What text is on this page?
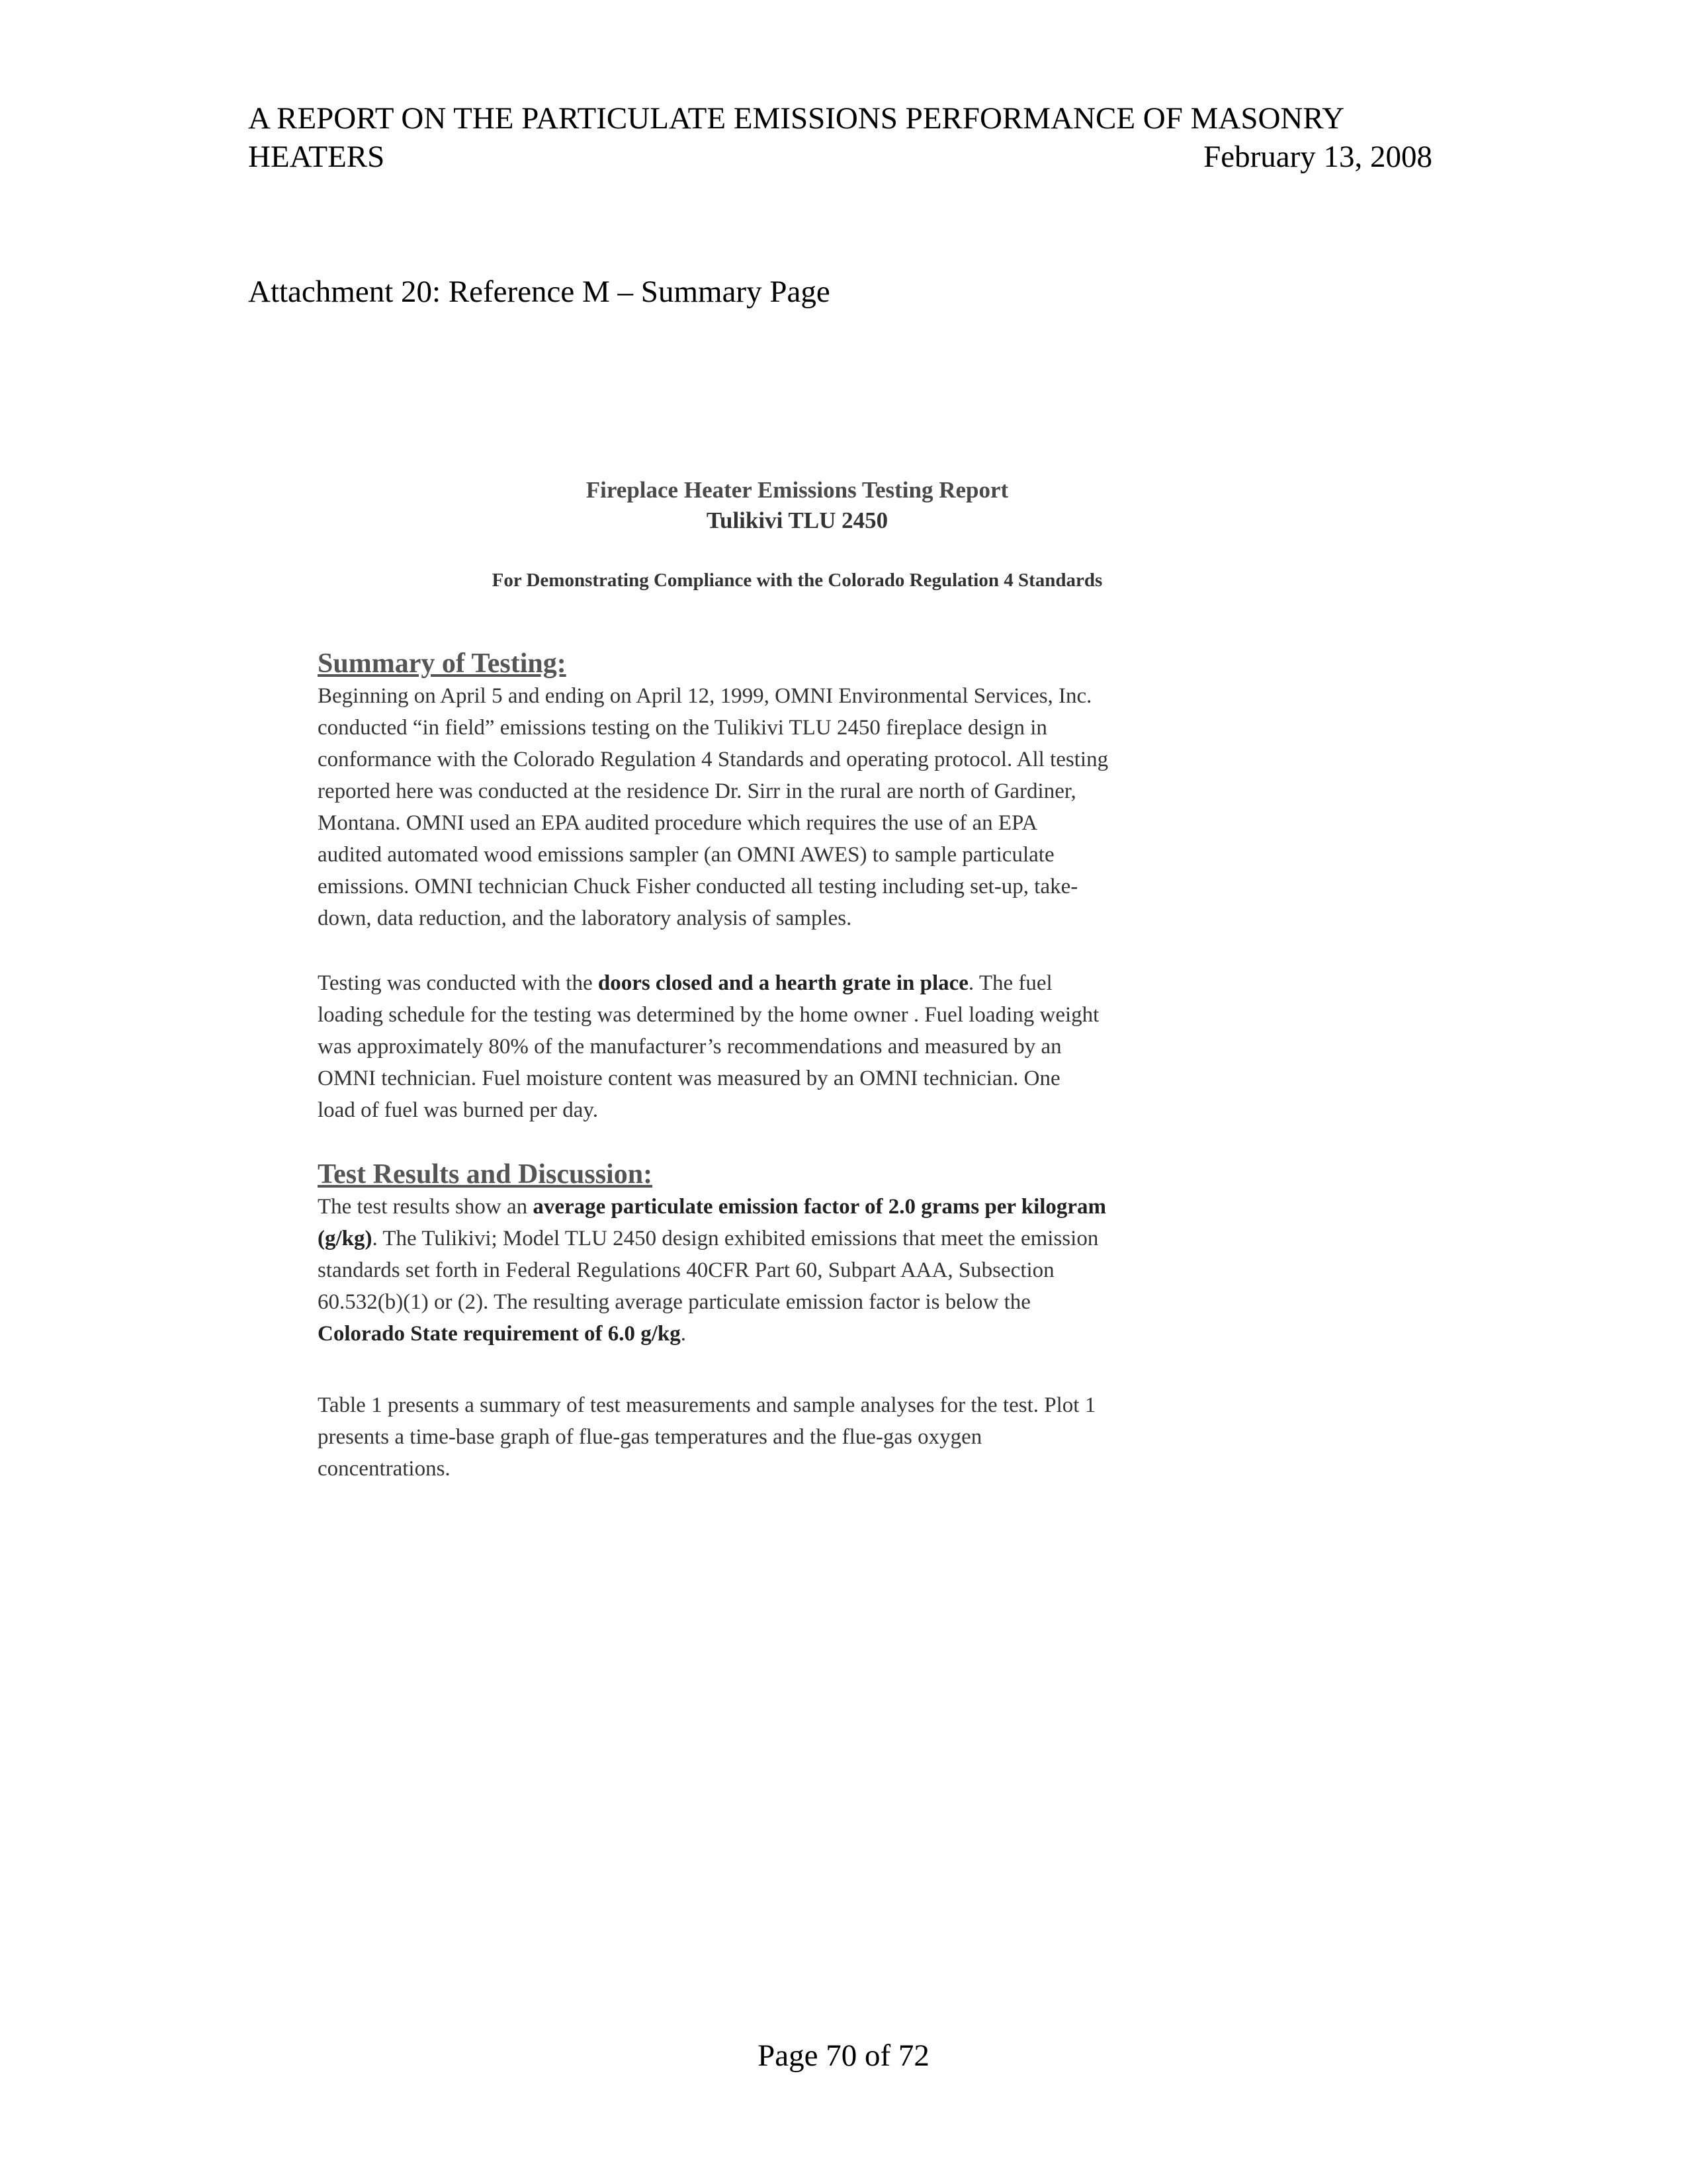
A REPORT ON THE PARTICULATE EMISSIONS PERFORMANCE OF MASONRY
HEATERS	February 13, 2008
Attachment 20: Reference M – Summary Page
Fireplace Heater Emissions Testing Report
Tulikivi TLU 2450
For Demonstrating Compliance with the Colorado Regulation 4 Standards
Summary of Testing:

Beginning on April 5 and ending on April 12, 1999, OMNI Environmental Services, Inc.
conducted “in field” emissions testing on the Tulikivi TLU 2450 fireplace design in
conformance with the Colorado Regulation 4 Standards and operating protocol. All testing
reported here was conducted at the residence Dr. Sirr in the rural are north of Gardiner,
Montana. OMNI used an EPA audited procedure which requires the use of an EPA
audited automated wood emissions sampler (an OMNI AWES) to sample particulate
emissions. OMNI technician Chuck Fisher conducted all testing including set-up, take-
down, data reduction, and the laboratory analysis of samples.

Testing was conducted with the doors closed and a hearth grate in place. The fuel
loading schedule for the testing was determined by the home owner . Fuel loading weight
was approximately 80% of the manufacturer’s recommendations and measured by an
OMNI technician. Fuel moisture content was measured by an OMNI technician. One
load of fuel was burned per day.

Test Results and Discussion:

The test results show an average particulate emission factor of 2.0 grams per kilogram
(g/kg). The Tulikivi; Model TLU 2450 design exhibited emissions that meet the emission
standards set forth in Federal Regulations 40CFR Part 60, Subpart AAA, Subsection
60.532(b)(1) or (2). The resulting average particulate emission factor is below the
Colorado State requirement of 6.0 g/kg.

Table 1 presents a summary of test measurements and sample analyses for the test. Plot 1
presents a time-base graph of flue-gas temperatures and the flue-gas oxygen
concentrations.

Page 70 of 72
